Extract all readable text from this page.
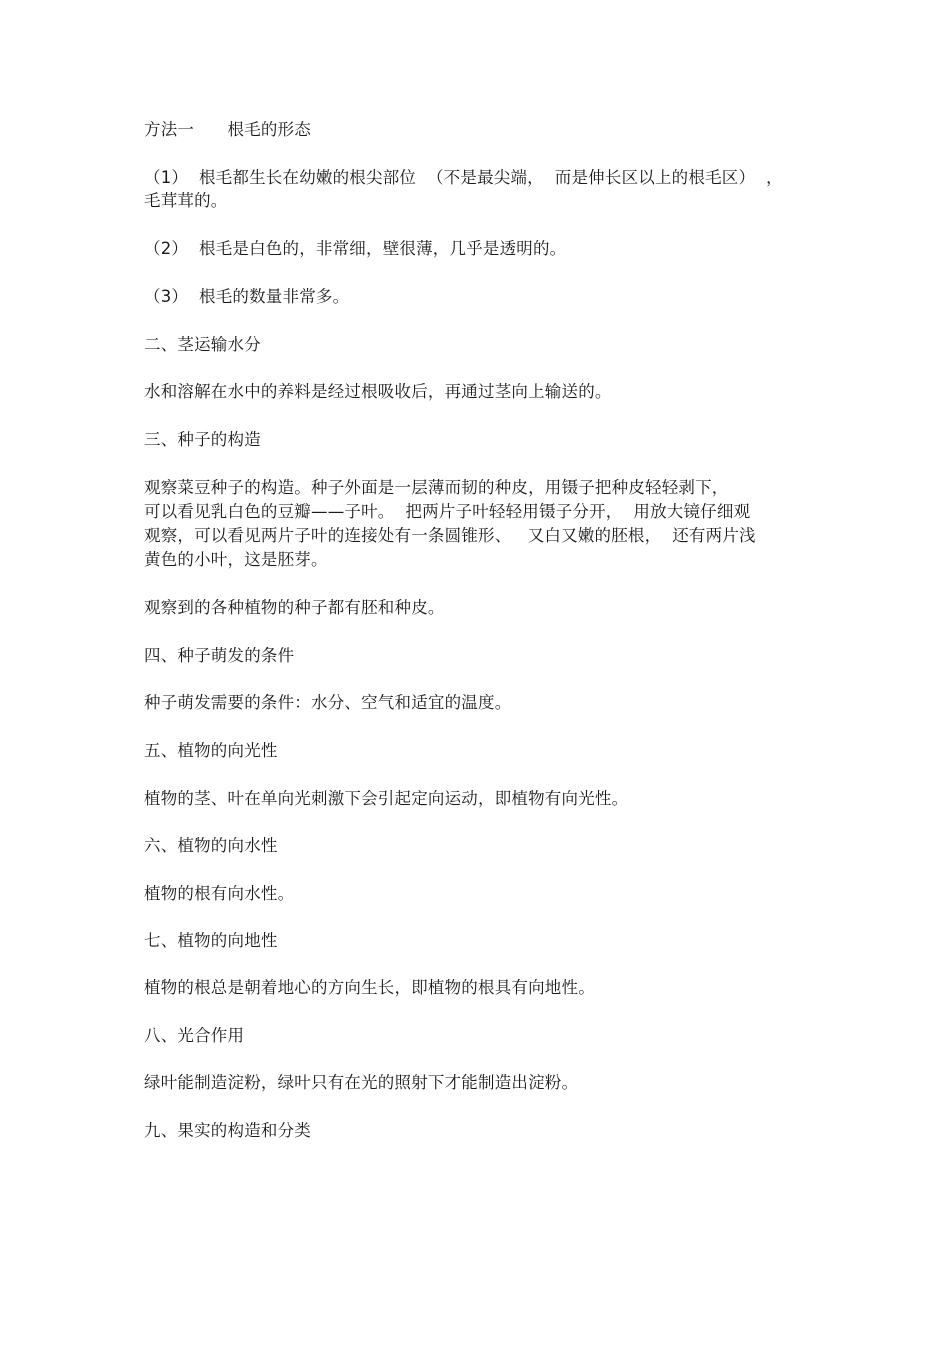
方法一　　根毛的形态
（1）  根毛都生长在幼嫩的根尖部位  （不是最尖端，  而是伸长区以上的根毛区）  ，
毛茸茸的。
（2）  根毛是白色的，非常细，壁很薄，几乎是透明的。
（3）  根毛的数量非常多。
二、茎运输水分
水和溶解在水中的养料是经过根吸收后，再通过茎向上输送的。
三、种子的构造
观察菜豆种子的构造。种子外面是一层薄而韧的种皮，用镊子把种皮轻轻剥下，
可以看见乳白色的豆瓣——子叶。  把两片子叶轻轻用镊子分开，  用放大镜仔细观
观察，可以看见两片子叶的连接处有一条圆锥形、   又白又嫩的胚根，  还有两片浅
黄色的小叶，这是胚芽。
观察到的各种植物的种子都有胚和种皮。
四、种子萌发的条件
种子萌发需要的条件：水分、空气和适宜的温度。
五、植物的向光性
植物的茎、叶在单向光刺激下会引起定向运动，即植物有向光性。
六、植物的向水性
植物的根有向水性。
七、植物的向地性
植物的根总是朝着地心的方向生长，即植物的根具有向地性。
八、光合作用
绿叶能制造淀粉，绿叶只有在光的照射下才能制造出淀粉。
九、果实的构造和分类
